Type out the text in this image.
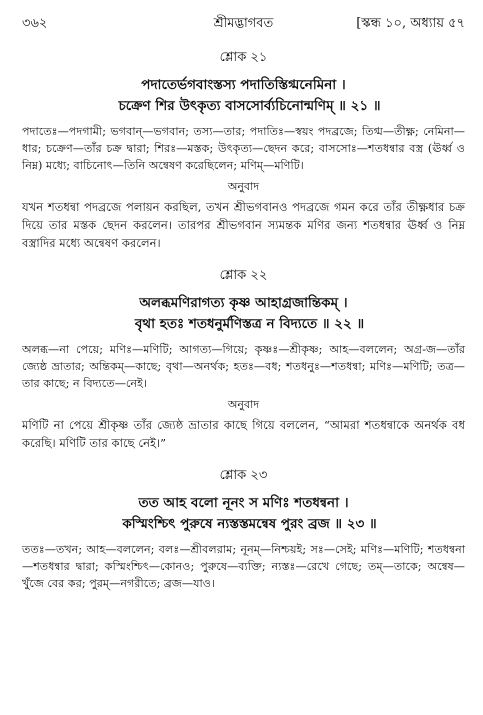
৩৬২	শ্রীমদ্ভাগবত	[স্কন্ধ ১০, অধ্যায় ৫৭
শ্লোক ২১
পদাতের্ভগবাংস্তস্য পদাতিস্তিগ্মনেমিনা ।
চক্রেণ শির উৎকৃত্য বাসসোর্ব্যচিনোন্মণিম্ ॥ ২১ ॥
পদাতেঃ—পদগামী; ভগবান্—ভগবান; তস্য—তার; পদাতিঃ—স্বয়ং পদব্রজে; তিগ্ম—তীক্ষ্ণ; নেমিনা—ধার; চক্রেণ—তাঁর চক্র দ্বারা; শিরঃ—মস্তক; উৎকৃত্য—ছেদন করে; বাসসোঃ—শতধন্বার বস্ত্র (ঊর্ধ্ব ও নিম্ন) মধ্যে; বাচিনোৎ—তিনি অন্বেষণ করেছিলেন; মণিম্—মণিটি।
অনুবাদ
যখন শতধন্বা পদব্রজে পলায়ন করছিল, তখন শ্রীভগবানও পদব্রজে গমন করে তাঁর তীক্ষ্ণধার চক্র দিয়ে তার মস্তক ছেদন করলেন। তারপর শ্রীভগবান স্যমন্তক মণির জন্য শতধন্বার ঊর্ধ্ব ও নিম্ন বস্ত্রাদির মধ্যে অন্বেষণ করলেন।
শ্লোক ২২
অলব্ধমণিরাগত্য কৃষ্ণ আহাগ্রজান্তিকম্ ।
বৃথা হতঃ শতধনুর্মণিস্তত্র ন বিদ্যতে ॥ ২২ ॥
অলব্ধ—না পেয়ে; মণিঃ—মণিটি; আগত্য—গিয়ে; কৃষ্ণঃ—শ্রীকৃষ্ণ; আহ—বললেন; অগ্র-জ—তাঁর জ্যেষ্ঠ ভ্রাতার; অন্তিকম্—কাছে; বৃথা—অনর্থক; হতঃ—বধ; শতধনুঃ—শতধন্বা; মণিঃ—মণিটি; তত্র—তার কাছে; ন বিদ্যতে—নেই।
অনুবাদ
মণিটি না পেয়ে শ্রীকৃষ্ণ তাঁর জ্যেষ্ঠ ভ্রাতার কাছে গিয়ে বললেন, “আমরা শতধন্বাকে অনর্থক বধ করেছি। মণিটি তার কাছে নেই।”
শ্লোক ২৩
তত আহ বলো নূনং স মণিঃ শতধন্বনা ।
কস্মিংশ্চিৎ পুরুষে ন্যস্তস্তমন্বেষ পুরং ব্রজ ॥ ২৩ ॥
ততঃ—তখন; আহ—বললেন; বলঃ—শ্রীবলরাম; নূনম্—নিশ্চয়ই; সঃ—সেই; মণিঃ—মণিটি; শতধন্বনা—শতধন্বার দ্বারা; কস্মিংশ্চিৎ—কোনও; পুরুষে—ব্যক্তি; ন্যস্তঃ—রেখে গেছে; তম্—তাকে; অন্বেষ—খুঁজে বের কর; পুরম্—নগরীতে; ব্রজ—যাও।
